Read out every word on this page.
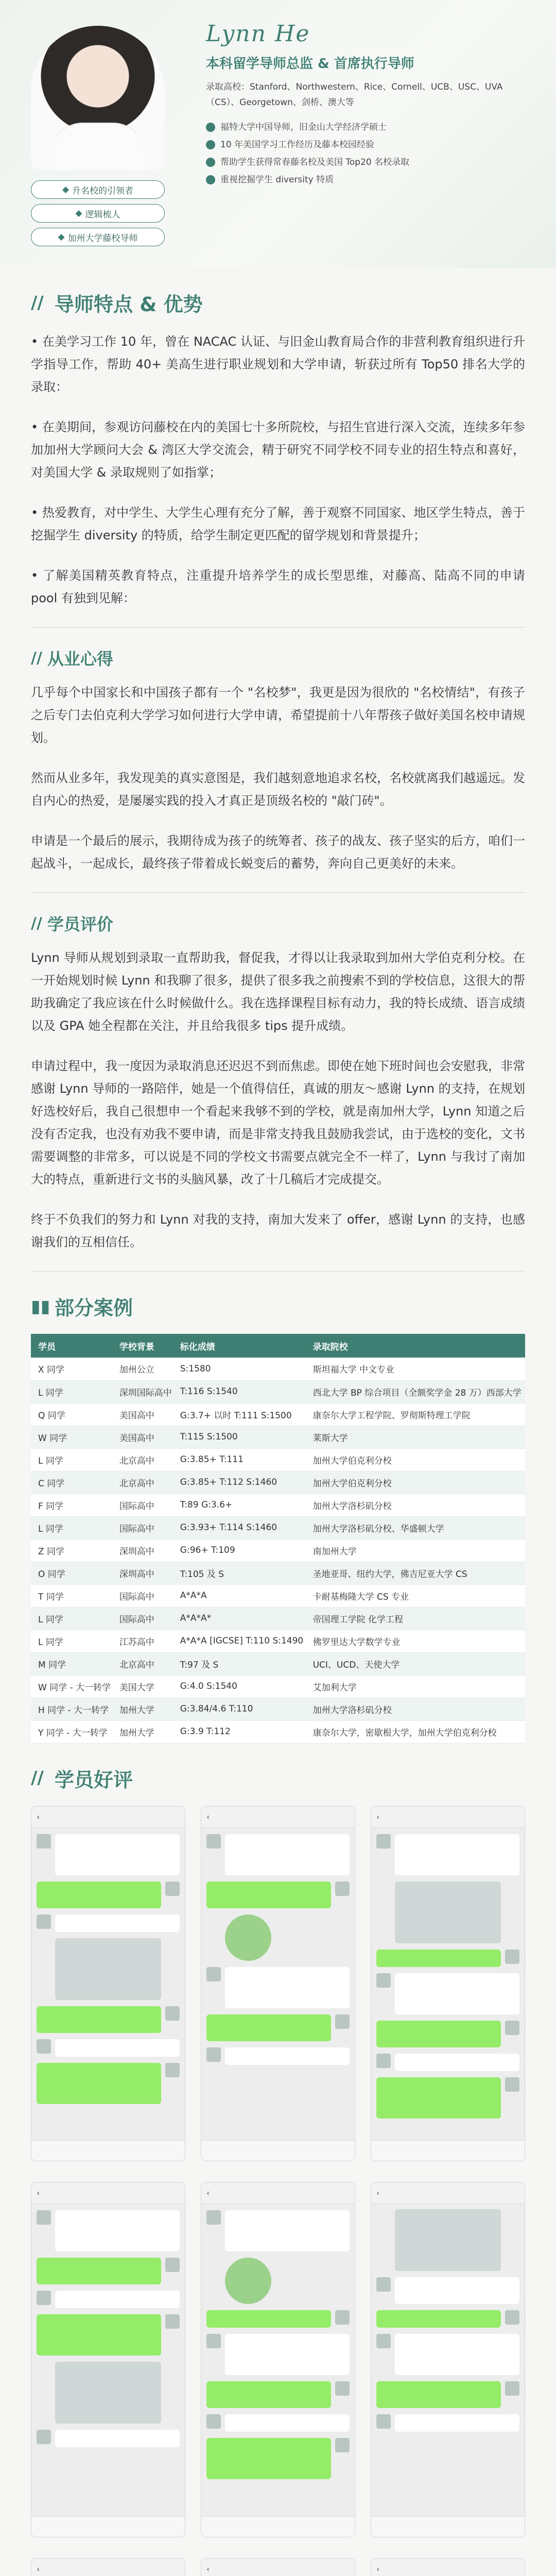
◆ 升名校的引领者
◆ 逻辑梳人
◆ 加州大学藤校导师
Lynn He
本科留学导师总监 & 首席执行导师
录取高校：Stanford、Northwestern、Rice、Cornell、UCB、USC、UVA（CS）、Georgetown、剑桥、澳大等
福特大学中国导师，旧金山大学经济学硕士
10 年美国学习工作经历及藤本校园经验
帮助学生获得常春藤名校及美国 Top20 名校录取
重视挖掘学生 diversity 特质
// 导师特点 & 优势
• 在美学习工作 10 年，曾在 NACAC 认证、与旧金山教育局合作的非营利教育组织进行升学指导工作，帮助 40+ 美高生进行职业规划和大学申请，斩获过所有 Top50 排名大学的录取：
• 在美期间，参观访问藤校在内的美国七十多所院校，与招生官进行深入交流，连续多年参加加州大学顾问大会 & 湾区大学交流会，精于研究不同学校不同专业的招生特点和喜好，对美国大学 & 录取规则了如指掌；
• 热爱教育，对中学生、大学生心理有充分了解，善于观察不同国家、地区学生特点，善于挖掘学生 diversity 的特质，给学生制定更匹配的留学规划和背景提升；
• 了解美国精英教育特点，注重提升培养学生的成长型思维，对藤高、陆高不同的申请 pool 有独到见解：
// 从业心得
几乎每个中国家长和中国孩子都有一个 "名校梦"，我更是因为很欣的 "名校情结"，有孩子之后专门去伯克利大学学习如何进行大学申请，希望提前十八年帮孩子做好美国名校申请规划。
然而从业多年，我发现美的真实意图是，我们越刻意地追求名校，名校就离我们越遥远。发自内心的热爱，是屡屡实践的投入才真正是顶级名校的 "敲门砖"。
申请是一个最后的展示，我期待成为孩子的统筹者、孩子的战友、孩子坚实的后方，咱们一起战斗，一起成长，最终孩子带着成长蜕变后的蓄势，奔向自己更美好的未来。
// 学员评价
Lynn 导师从规划到录取一直帮助我，督促我，才得以让我录取到加州大学伯克利分校。在一开始规划时候 Lynn 和我聊了很多，提供了很多我之前搜索不到的学校信息，这很大的帮助我确定了我应该在什么时候做什么。我在选择课程目标有动力，我的特长成绩、语言成绩以及 GPA 她全程都在关注，并且给我很多 tips 提升成绩。
申请过程中，我一度因为录取消息还迟迟不到而焦虑。即使在她下班时间也会安慰我，非常感谢 Lynn 导师的一路陪伴，她是一个值得信任，真诚的朋友～感谢 Lynn 的支持，在规划好选校好后，我自己很想申一个看起来我够不到的学校，就是南加州大学，Lynn 知道之后没有否定我，也没有劝我不要申请，而是非常支持我且鼓励我尝试，由于选校的变化，文书需要调整的非常多，可以说是不同的学校文书需要点就完全不一样了，Lynn 与我讨了南加大的特点，重新进行文书的头脑风暴，改了十几稿后才完成提交。
终于不负我们的努力和 Lynn 对我的支持，南加大发来了 offer，感谢 Lynn 的支持，也感谢我们的互相信任。
▮▮ 部分案例
学员	学校背景	标化成绩	录取院校
X 同学	加州公立	S:1580	斯坦福大学 中文专业
L 同学	深圳国际高中	T:116 S:1540	西北大学 BP 综合项目（全额奖学金 28 万）西部大学
Q 同学	美国高中	G:3.7+ 以时 T:111 S:1500	康奈尔大学工程学院、罗彻斯特理工学院
W 同学	美国高中	T:115 S:1500	莱斯大学
L 同学	北京高中	G:3.85+ T:111	加州大学伯克利分校
C 同学	北京高中	G:3.85+ T:112 S:1460	加州大学伯克利分校
F 同学	国际高中	T:89 G:3.6+	加州大学洛杉矶分校
L 同学	国际高中	G:3.93+ T:114 S:1460	加州大学洛杉矶分校、华盛顿大学
Z 同学	深圳高中	G:96+ T:109	南加州大学
O 同学	深圳高中	T:105 及 S	圣地亚哥、纽约大学，佛吉尼亚大学 CS
T 同学	国际高中	A*A*A	卡耐基梅隆大学 CS 专业
L 同学	国际高中	A*A*A*	帝国理工学院 化学工程
L 同学	江苏高中	A*A*A [IGCSE] T:110 S:1490	佛罗里达大学数学专业
M 同学	北京高中	T:97 及 S	UCI、UCD、天使大学
W 同学 - 大一转学	美国大学	G:4.0 S:1540	艾加利大学
H 同学 - 大一转学	加州大学	G:3.84/4.6 T:110	加州大学洛杉矶分校
Y 同学 - 大一转学	加州大学	G:3.9 T:112	康奈尔大学，密歇根大学，加州大学伯克利分校
// 学员好评
‹	‹	‹
‹	‹	‹
‹	‹	‹
